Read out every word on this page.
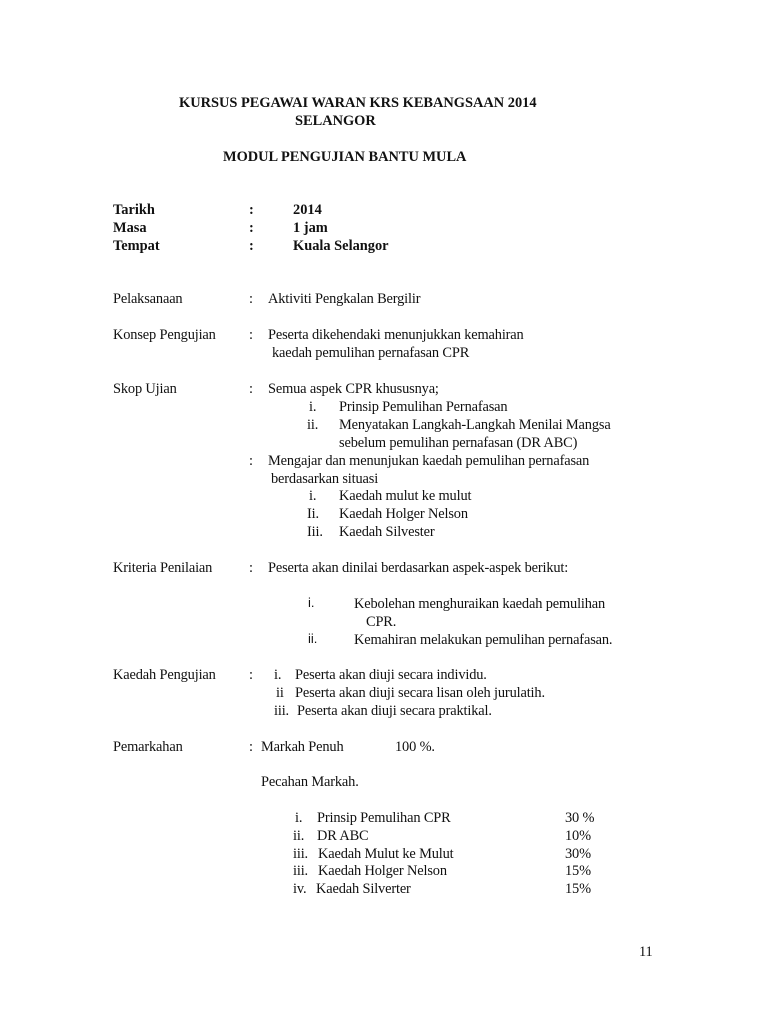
KURSUS PEGAWAI WARAN KRS KEBANGSAAN 2014
SELANGOR
MODUL PENGUJIAN BANTU MULA
Tarikh	:	2014
Masa	:	1 jam
Tempat	:	Kuala Selangor
Pelaksanaan	: Aktiviti Pengkalan Bergilir
Konsep Pengujian : Peserta dikehendaki menunjukkan kemahiran
kaedah pemulihan pernafasan CPR
Skop Ujian	: Semua aspek CPR khususnya;
i. Prinsip Pemulihan Pernafasan
ii. Menyatakan Langkah-Langkah Menilai Mangsa
sebelum pemulihan pernafasan (DR ABC)
: Mengajar dan menunjukan kaedah pemulihan pernafasan
berdasarkan situasi
i. Kaedah mulut ke mulut
Ii. Kaedah Holger Nelson
Iii. Kaedah Silvester
Kriteria Penilaian	: Peserta akan dinilai berdasarkan aspek-aspek berikut:
i.	Kebolehan menghuraikan kaedah pemulihan
CPR.
ii.	Kemahiran melakukan pemulihan pernafasan.
Kaedah Pengujian : i. Peserta akan diuji secara individu.
ii Peserta akan diuji secara lisan oleh jurulatih.
iii. Peserta akan diuji secara praktikal.
Pemarkahan	: Markah Penuh	100 %.
Pecahan Markah.
i. Prinsip Pemulihan CPR	30 %
ii. DR ABC	10%
iii. Kaedah Mulut ke Mulut	30%
iii. Kaedah Holger Nelson	15%
iv. Kaedah Silverter	15%
11
